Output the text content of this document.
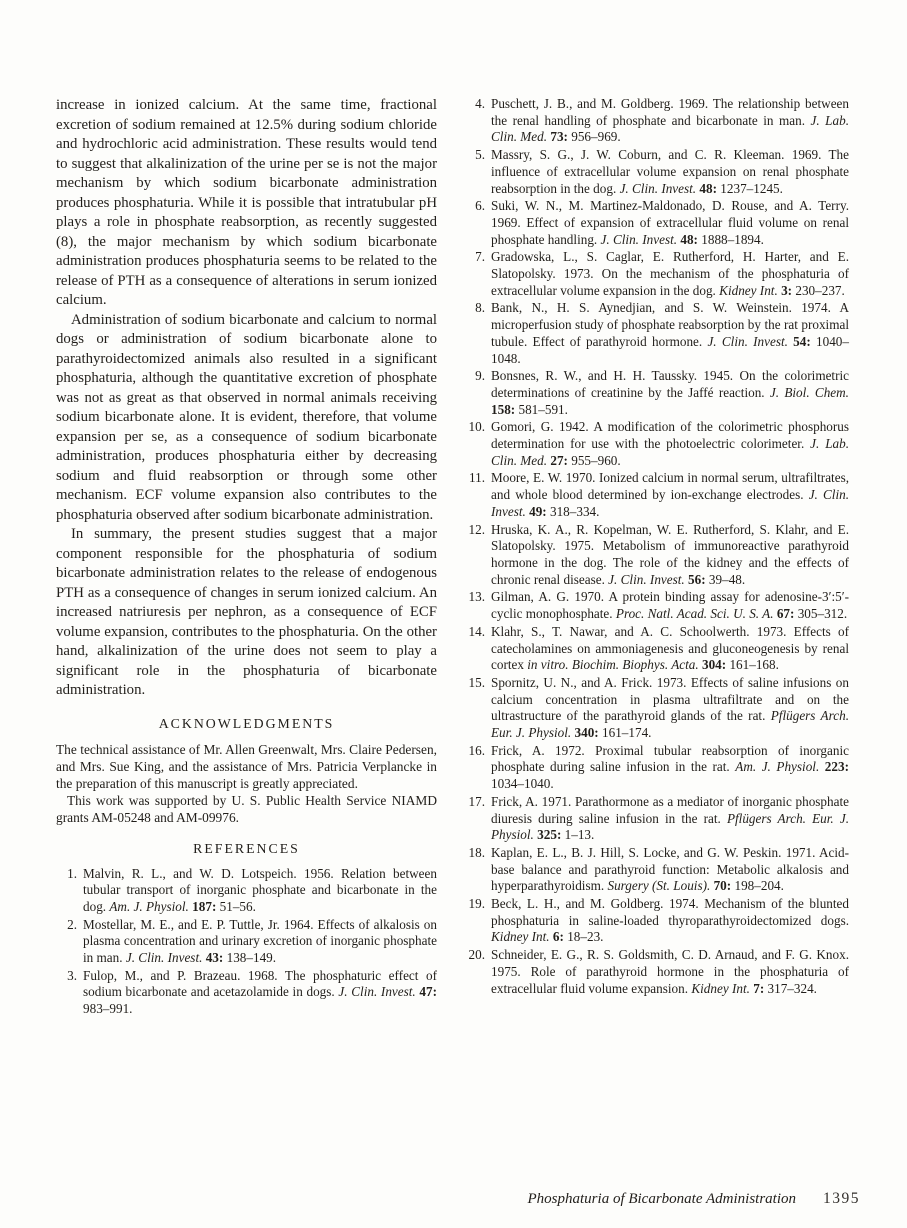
increase in ionized calcium. At the same time, fractional excretion of sodium remained at 12.5% during sodium chloride and hydrochloric acid administration. These results would tend to suggest that alkalinization of the urine per se is not the major mechanism by which sodium bicarbonate administration produces phosphaturia. While it is possible that intratubular pH plays a role in phosphate reabsorption, as recently suggested (8), the major mechanism by which sodium bicarbonate administration produces phosphaturia seems to be related to the release of PTH as a consequence of alterations in serum ionized calcium.

Administration of sodium bicarbonate and calcium to normal dogs or administration of sodium bicarbonate alone to parathyroidectomized animals also resulted in a significant phosphaturia, although the quantitative excretion of phosphate was not as great as that observed in normal animals receiving sodium bicarbonate alone. It is evident, therefore, that volume expansion per se, as a consequence of sodium bicarbonate administration, produces phosphaturia either by decreasing sodium and fluid reabsorption or through some other mechanism. ECF volume expansion also contributes to the phosphaturia observed after sodium bicarbonate administration.

In summary, the present studies suggest that a major component responsible for the phosphaturia of sodium bicarbonate administration relates to the release of endogenous PTH as a consequence of changes in serum ionized calcium. An increased natriuresis per nephron, as a consequence of ECF volume expansion, contributes to the phosphaturia. On the other hand, alkalinization of the urine does not seem to play a significant role in the phosphaturia of bicarbonate administration.

ACKNOWLEDGMENTS

The technical assistance of Mr. Allen Greenwalt, Mrs. Claire Pedersen, and Mrs. Sue King, and the assistance of Mrs. Patricia Verplancke in the preparation of this manuscript is greatly appreciated.

This work was supported by U. S. Public Health Service NIAMD grants AM-05248 and AM-09976.

REFERENCES
1. Malvin, R. L., and W. D. Lotspeich. 1956. Relation between tubular transport of inorganic phosphate and bicarbonate in the dog. Am. J. Physiol. 187: 51–56.
2. Mostellar, M. E., and E. P. Tuttle, Jr. 1964. Effects of alkalosis on plasma concentration and urinary excretion of inorganic phosphate in man. J. Clin. Invest. 43: 138–149.
3. Fulop, M., and P. Brazeau. 1968. The phosphaturic effect of sodium bicarbonate and acetazolamide in dogs. J. Clin. Invest. 47: 983–991.
4. Puschett, J. B., and M. Goldberg. 1969. The relationship between the renal handling of phosphate and bicarbonate in man. J. Lab. Clin. Med. 73: 956–969.
5. Massry, S. G., J. W. Coburn, and C. R. Kleeman. 1969. The influence of extracellular volume expansion on renal phosphate reabsorption in the dog. J. Clin. Invest. 48: 1237–1245.
6. Suki, W. N., M. Martinez-Maldonado, D. Rouse, and A. Terry. 1969. Effect of expansion of extracellular fluid volume on renal phosphate handling. J. Clin. Invest. 48: 1888–1894.
7. Gradowska, L., S. Caglar, E. Rutherford, H. Harter, and E. Slatopolsky. 1973. On the mechanism of the phosphaturia of extracellular volume expansion in the dog. Kidney Int. 3: 230–237.
8. Bank, N., H. S. Aynedjian, and S. W. Weinstein. 1974. A microperfusion study of phosphate reabsorption by the rat proximal tubule. Effect of parathyroid hormone. J. Clin. Invest. 54: 1040–1048.
9. Bonsnes, R. W., and H. H. Taussky. 1945. On the colorimetric determinations of creatinine by the Jaffé reaction. J. Biol. Chem. 158: 581–591.
10. Gomori, G. 1942. A modification of the colorimetric phosphorus determination for use with the photoelectric colorimeter. J. Lab. Clin. Med. 27: 955–960.
11. Moore, E. W. 1970. Ionized calcium in normal serum, ultrafiltrates, and whole blood determined by ion-exchange electrodes. J. Clin. Invest. 49: 318–334.
12. Hruska, K. A., R. Kopelman, W. E. Rutherford, S. Klahr, and E. Slatopolsky. 1975. Metabolism of immunoreactive parathyroid hormone in the dog. The role of the kidney and the effects of chronic renal disease. J. Clin. Invest. 56: 39–48.
13. Gilman, A. G. 1970. A protein binding assay for adenosine-3′:5′-cyclic monophosphate. Proc. Natl. Acad. Sci. U. S. A. 67: 305–312.
14. Klahr, S., T. Nawar, and A. C. Schoolwerth. 1973. Effects of catecholamines on ammoniagenesis and gluconeogenesis by renal cortex in vitro. Biochim. Biophys. Acta. 304: 161–168.
15. Spornitz, U. N., and A. Frick. 1973. Effects of saline infusions on calcium concentration in plasma ultrafiltrate and on the ultrastructure of the parathyroid glands of the rat. Pflügers Arch. Eur. J. Physiol. 340: 161–174.
16. Frick, A. 1972. Proximal tubular reabsorption of inorganic phosphate during saline infusion in the rat. Am. J. Physiol. 223: 1034–1040.
17. Frick, A. 1971. Parathormone as a mediator of inorganic phosphate diuresis during saline infusion in the rat. Pflügers Arch. Eur. J. Physiol. 325: 1–13.
18. Kaplan, E. L., B. J. Hill, S. Locke, and G. W. Peskin. 1971. Acid-base balance and parathyroid function: Metabolic alkalosis and hyperparathyroidism. Surgery (St. Louis). 70: 198–204.
19. Beck, L. H., and M. Goldberg. 1974. Mechanism of the blunted phosphaturia in saline-loaded thyroparathyroidectomized dogs. Kidney Int. 6: 18–23.
20. Schneider, E. G., R. S. Goldsmith, C. D. Arnaud, and F. G. Knox. 1975. Role of parathyroid hormone in the phosphaturia of extracellular fluid volume expansion. Kidney Int. 7: 317–324.
Phosphaturia of Bicarbonate Administration 1395
